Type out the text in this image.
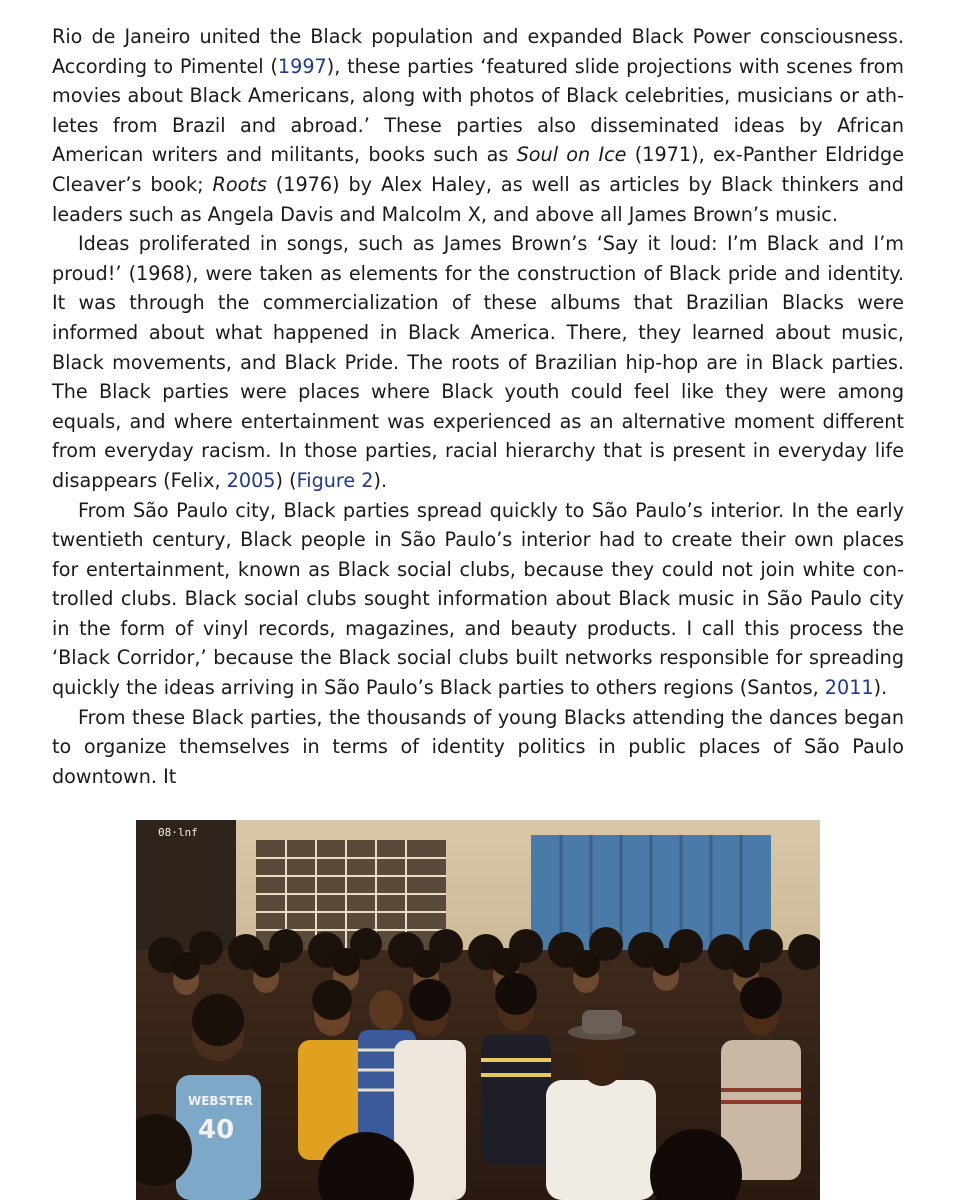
Rio de Janeiro united the Black population and expanded Black Power consciousness. According to Pimentel (1997), these parties ‘featured slide projections with scenes from movies about Black Americans, along with photos of Black celebrities, musicians or athletes from Brazil and abroad.’ These parties also disseminated ideas by African American writers and militants, books such as Soul on Ice (1971), ex-Panther Eldridge Cleaver’s book; Roots (1976) by Alex Haley, as well as articles by Black thinkers and leaders such as Angela Davis and Malcolm X, and above all James Brown’s music.

Ideas proliferated in songs, such as James Brown’s ‘Say it loud: I’m Black and I’m proud!’ (1968), were taken as elements for the construction of Black pride and identity. It was through the commercialization of these albums that Brazilian Blacks were informed about what happened in Black America. There, they learned about music, Black movements, and Black Pride. The roots of Brazilian hip-hop are in Black parties. The Black parties were places where Black youth could feel like they were among equals, and where entertainment was experienced as an alternative moment different from everyday racism. In those parties, racial hierarchy that is present in everyday life disappears (Felix, 2005) (Figure 2).

From São Paulo city, Black parties spread quickly to São Paulo’s interior. In the early twentieth century, Black people in São Paulo’s interior had to create their own places for entertainment, known as Black social clubs, because they could not join white controlled clubs. Black social clubs sought information about Black music in São Paulo city in the form of vinyl records, magazines, and beauty products. I call this process the ‘Black Corridor,’ because the Black social clubs built networks responsible for spreading quickly the ideas arriving in São Paulo’s Black parties to others regions (Santos, 2011).

From these Black parties, the thousands of young Blacks attending the dances began to organize themselves in terms of identity politics in public places of São Paulo downtown. It

08·lnf
WEBSTER
40
